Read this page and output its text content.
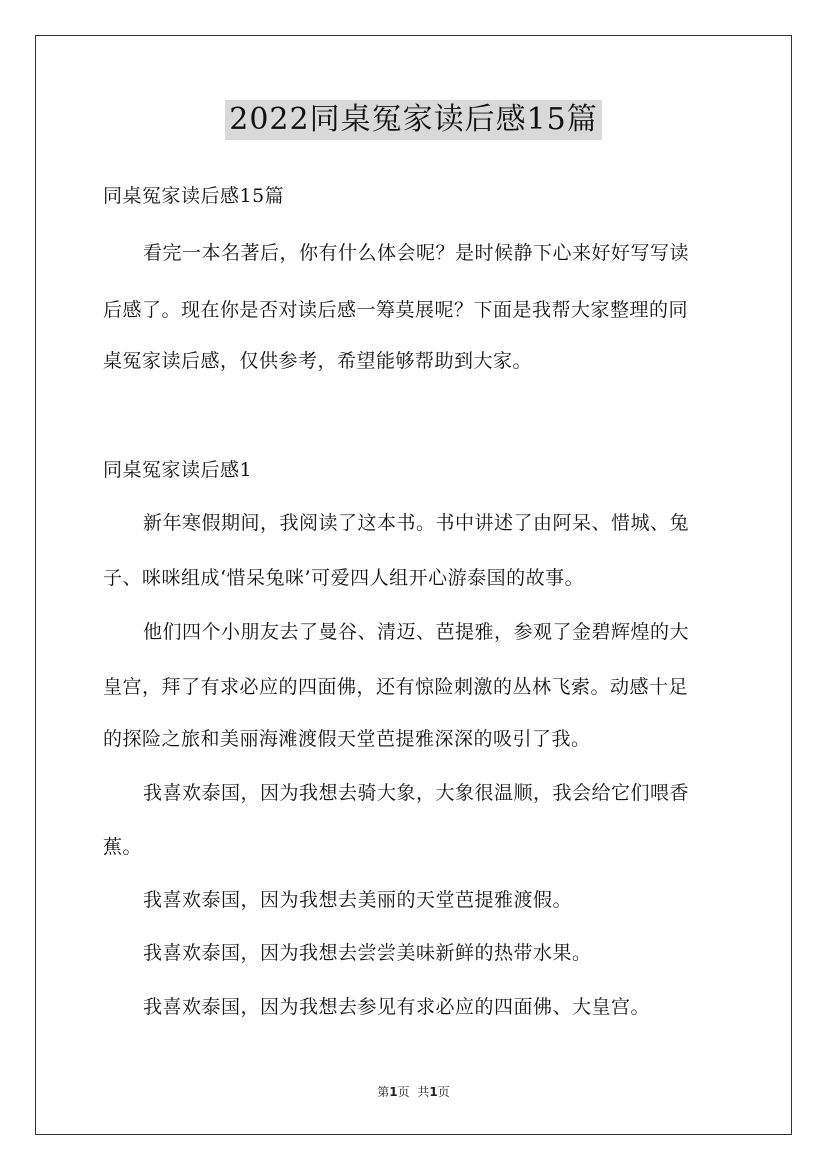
2022同桌冤家读后感15篇
同桌冤家读后感15篇
看完一本名著后，你有什么体会呢？是时候静下心来好好写写读
后感了。现在你是否对读后感一筹莫展呢？下面是我帮大家整理的同
桌冤家读后感，仅供参考，希望能够帮助到大家。
同桌冤家读后感1
新年寒假期间，我阅读了这本书。书中讲述了由阿呆、惜城、兔
子、咪咪组成‘惜呆兔咪’可爱四人组开心游泰国的故事。
他们四个小朋友去了曼谷、清迈、芭提雅，参观了金碧辉煌的大
皇宫，拜了有求必应的四面佛，还有惊险刺激的丛林飞索。动感十足
的探险之旅和美丽海滩渡假天堂芭提雅深深的吸引了我。
我喜欢泰国，因为我想去骑大象，大象很温顺，我会给它们喂香
蕉。
我喜欢泰国，因为我想去美丽的天堂芭提雅渡假。
我喜欢泰国，因为我想去尝尝美味新鲜的热带水果。
我喜欢泰国，因为我想去参见有求必应的四面佛、大皇宫。
第1页 共1页
